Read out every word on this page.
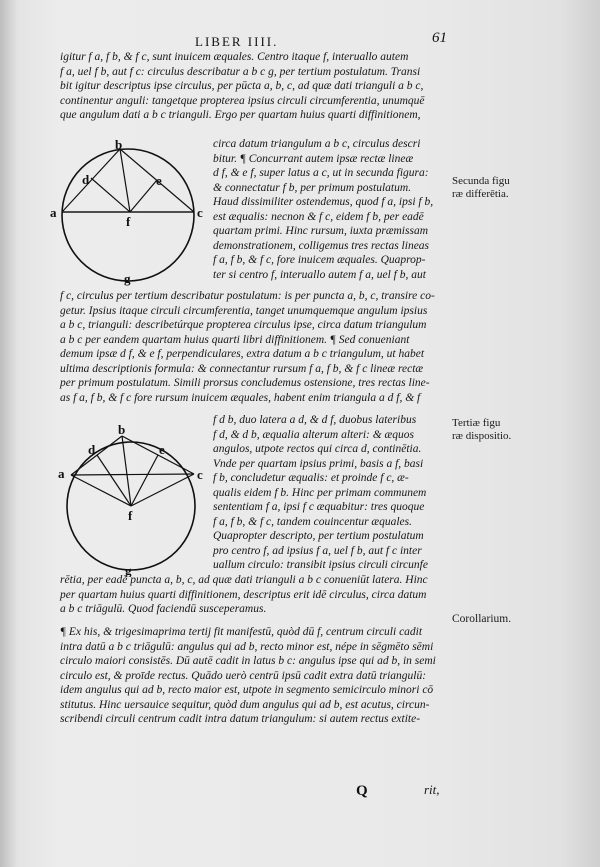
LIBER IIII.	61
igitur f a, f b, & f c, sunt inuicem æquales. Centro itaque f, interuallo autem
f a, uel f b, aut f c: circulus describatur a b c g, per tertium postulatum. Transi
bit igitur descriptus ipse circulus, per pūcta a, b, c, ad quæ dati trianguli a b c,
continentur anguli: tangetque propterea ipsius circuli circumferentia, unumquē
que angulum dati a b c trianguli. Ergo per quartam huius quarti diffinitionem,
circa datum triangulum a b c, circulus descri
bitur. ¶ Concurrant autem ipsæ rectæ lineæ
d f, & e f, super latus a c, ut in secunda figura:
& connectatur f b, per primum postulatum.
Haud dissimiliter ostendemus, quod f a, ipsi f b,
est æqualis: necnon & f c, eidem f b, per eadē
quartam primi. Hinc rursum, iuxta præmissam
demonstrationem, colligemus tres rectas lineas
f a, f b, & f c, fore inuicem æquales. Quaprop-
ter si centro f, interuallo autem f a, uel f b, aut
b
a	c
d	e
f
g
f c, circulus per tertium describatur postulatum: is per puncta a, b, c, transire co-
getur. Ipsius itaque circuli circumferentia, tanget unumquemque angulum ipsius
a b c, trianguli: describetúrque propterea circulus ipse, circa datum triangulum
a b c per eandem quartam huius quarti libri diffinitionem. ¶ Sed conueniant
demum ipsæ d f, & e f, perpendiculares, extra datum a b c triangulum, ut habet
ultima descriptionis formula: & connectantur rursum f a, f b, & f c lineæ rectæ
per primum postulatum. Simili prorsus concludemus ostensione, tres rectas line-
as f a, f b, & f c fore rursum inuicem æquales, habent enim triangula a d f, & f
f d b, duo latera a d, & d f, duobus lateribus
f d, & d b, æqualia alterum alteri: & æquos
angulos, utpote rectos qui circa d, continētia.
Vnde per quartam ipsius primi, basis a f, basi
f b, concludetur æqualis: et proinde f c, æ-
qualis eidem f b. Hinc per primam communem
sententiam f a, ipsi f c æquabitur: tres quoque
f a, f b, & f c, tandem couincentur æquales.
Quapropter descripto, per tertium postulatum
pro centro f, ad ipsius f a, uel f b, aut f c inter
uallum circulo: transibit ipsius circuli circunfe
b
a	c
d	e
f
g
rētia, per eadē puncta a, b, c, ad quæ dati trianguli a b c conueniūt latera. Hinc
per quartam huius quarti diffinitionem, descriptus erit idē circulus, circa datum
a b c triāgulū. Quod faciendū susceperamus.
¶ Ex his, & trigesimaprima tertij fit manifestū, quòd dū f, centrum circuli cadit
intra datū a b c triāgulū: angulus qui ad b, recto minor est, népe in sēgmēto sēmi
circulo maiori consistēs. Dū autē cadit in latus b c: angulus ipse qui ad b, in semi
circulo est, & proīde rectus. Quādo uerò centrū ipsū cadit extra datū triangulū:
idem angulus qui ad b, recto maior est, utpote in segmento semicirculo minori cō
stitutus. Hinc uersauice sequitur, quòd dum angulus qui ad b, est acutus, circun-
scribendi circuli centrum cadit intra datum triangulum: si autem rectus extite-
Secunda figu
ræ differētia.
Tertiæ figu
ræ dispositio.
Corollarium.
Q	rit,
